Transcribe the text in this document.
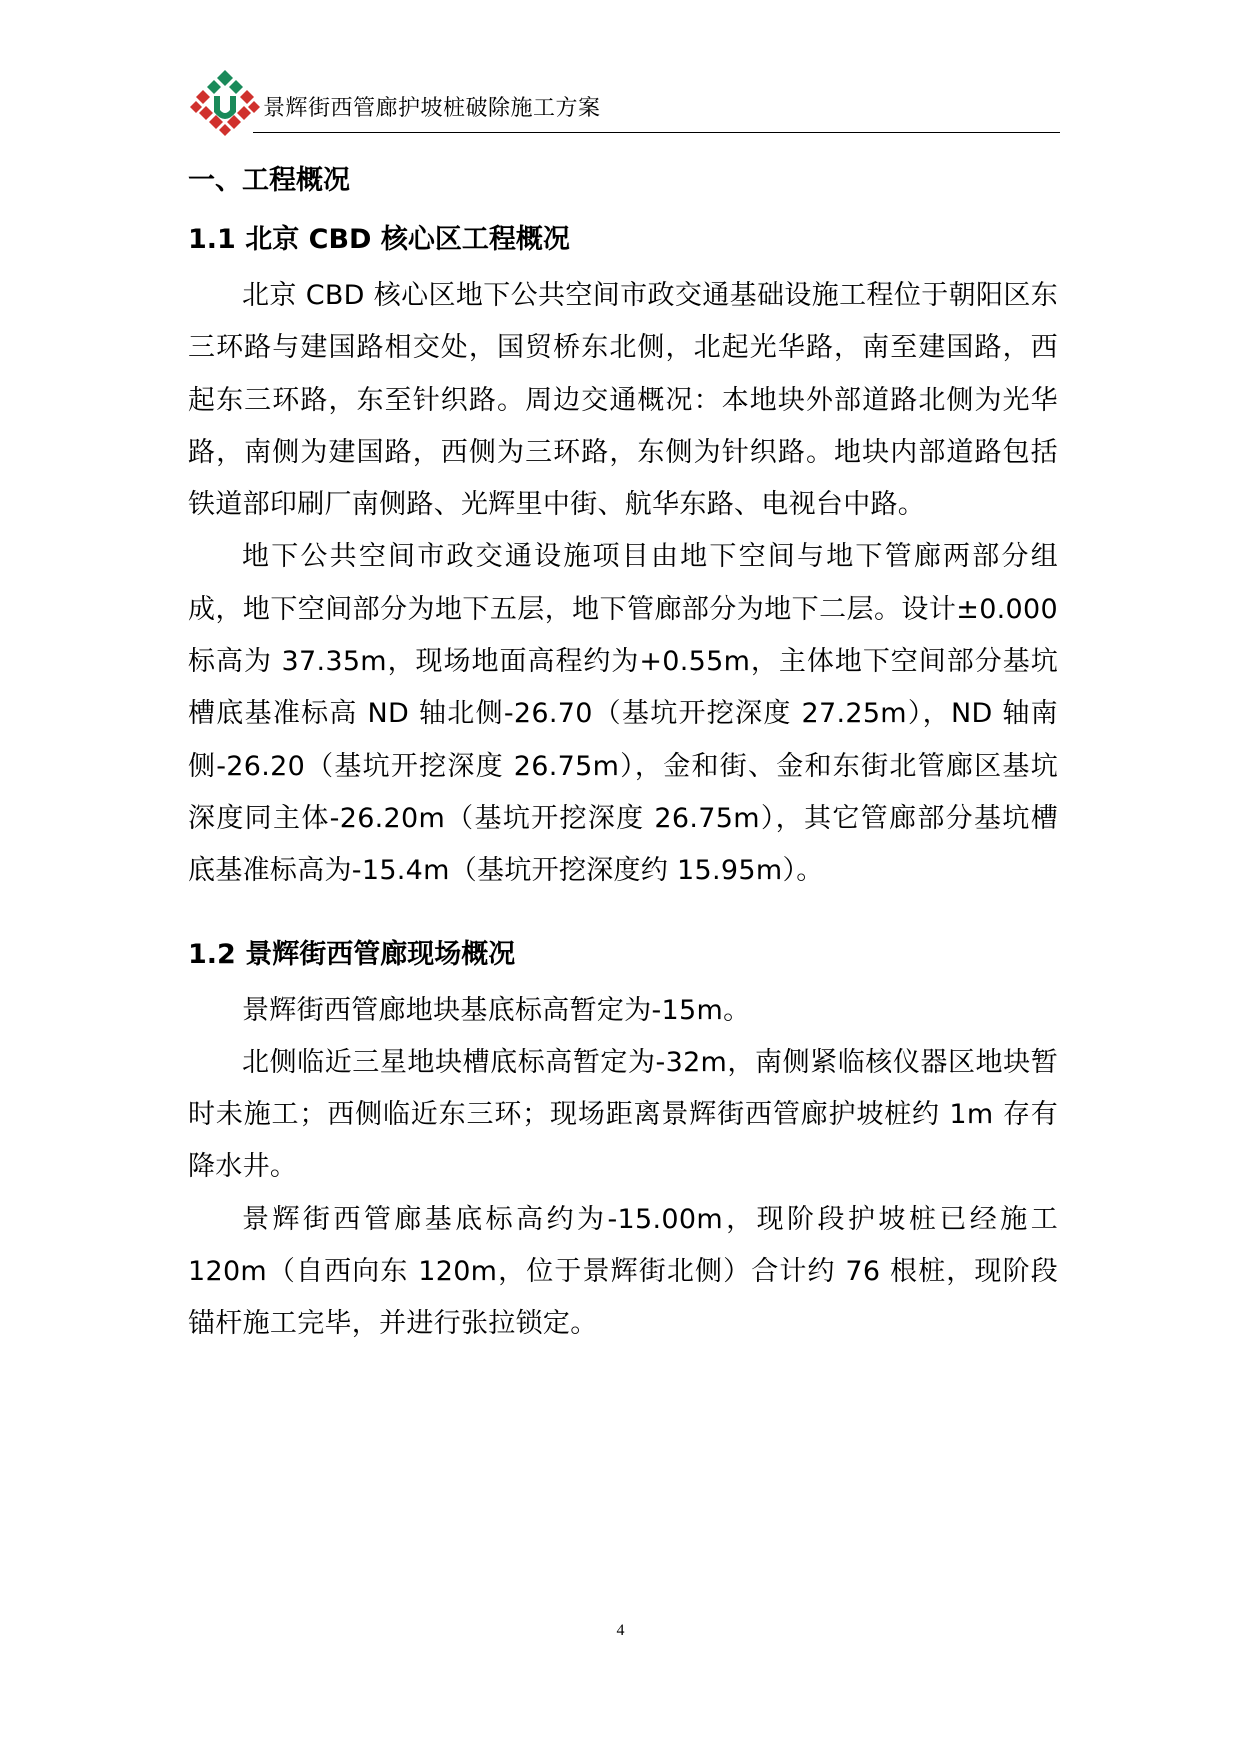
景辉街西管廊护坡桩破除施工方案
一、工程概况
1.1 北京 CBD 核心区工程概况

北京 CBD 核心区地下公共空间市政交通基础设施工程位于朝阳区东三环路与建国路相交处，国贸桥东北侧，北起光华路，南至建国路，西起东三环路，东至针织路。周边交通概况：本地块外部道路北侧为光华路，南侧为建国路，西侧为三环路，东侧为针织路。地块内部道路包括铁道部印刷厂南侧路、光辉里中街、航华东路、电视台中路。

地下公共空间市政交通设施项目由地下空间与地下管廊两部分组成，地下空间部分为地下五层，地下管廊部分为地下二层。设计±0.000 标高为 37.35m，现场地面高程约为+0.55m，主体地下空间部分基坑槽底基准标高 ND 轴北侧-26.70（基坑开挖深度 27.25m），ND 轴南侧-26.20（基坑开挖深度 26.75m），金和街、金和东街北管廊区基坑深度同主体-26.20m（基坑开挖深度 26.75m），其它管廊部分基坑槽底基准标高为-15.4m（基坑开挖深度约 15.95m）。

1.2 景辉街西管廊现场概况

景辉街西管廊地块基底标高暂定为-15m。

北侧临近三星地块槽底标高暂定为-32m，南侧紧临核仪器区地块暂时未施工；西侧临近东三环；现场距离景辉街西管廊护坡桩约 1m 存有降水井。

景辉街西管廊基底标高约为-15.00m，现阶段护坡桩已经施工 120m（自西向东 120m，位于景辉街北侧）合计约 76 根桩，现阶段锚杆施工完毕，并进行张拉锁定。

4
